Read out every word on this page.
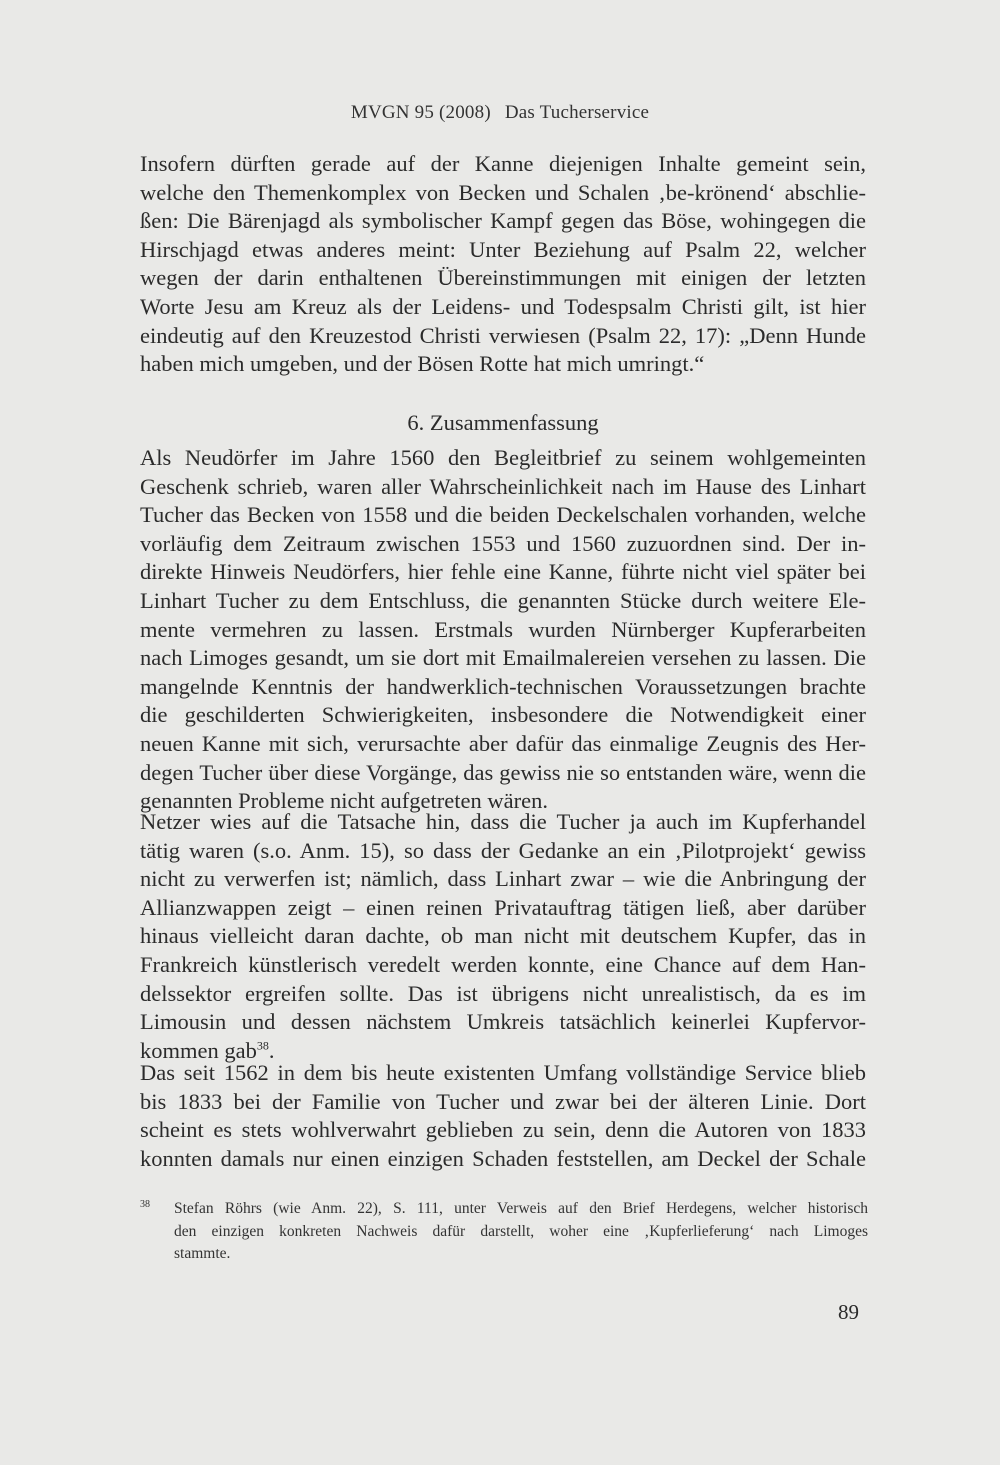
MVGN 95 (2008) Das Tucherservice
Insofern dürften gerade auf der Kanne diejenigen Inhalte gemeint sein,
welche den Themenkomplex von Becken und Schalen ‚be-krönend‘ abschlie-
ßen: Die Bärenjagd als symbolischer Kampf gegen das Böse, wohingegen die
Hirschjagd etwas anderes meint: Unter Beziehung auf Psalm 22, welcher
wegen der darin enthaltenen Übereinstimmungen mit einigen der letzten
Worte Jesu am Kreuz als der Leidens- und Todespsalm Christi gilt, ist hier
eindeutig auf den Kreuzestod Christi verwiesen (Psalm 22, 17): „Denn Hunde
haben mich umgeben, und der Bösen Rotte hat mich umringt.“
6. Zusammenfassung
Als Neudörfer im Jahre 1560 den Begleitbrief zu seinem wohlgemeinten
Geschenk schrieb, waren aller Wahrscheinlichkeit nach im Hause des Linhart
Tucher das Becken von 1558 und die beiden Deckelschalen vorhanden, welche
vorläufig dem Zeitraum zwischen 1553 und 1560 zuzuordnen sind. Der in-
direkte Hinweis Neudörfers, hier fehle eine Kanne, führte nicht viel später bei
Linhart Tucher zu dem Entschluss, die genannten Stücke durch weitere Ele-
mente vermehren zu lassen. Erstmals wurden Nürnberger Kupferarbeiten
nach Limoges gesandt, um sie dort mit Emailmalereien versehen zu lassen. Die
mangelnde Kenntnis der handwerklich-technischen Voraussetzungen brachte
die geschilderten Schwierigkeiten, insbesondere die Notwendigkeit einer
neuen Kanne mit sich, verursachte aber dafür das einmalige Zeugnis des Her-
degen Tucher über diese Vorgänge, das gewiss nie so entstanden wäre, wenn die
genannten Probleme nicht aufgetreten wären.
Netzer wies auf die Tatsache hin, dass die Tucher ja auch im Kupferhandel
tätig waren (s.o. Anm. 15), so dass der Gedanke an ein ‚Pilotprojekt‘ gewiss
nicht zu verwerfen ist; nämlich, dass Linhart zwar – wie die Anbringung der
Allianzwappen zeigt – einen reinen Privatauftrag tätigen ließ, aber darüber
hinaus vielleicht daran dachte, ob man nicht mit deutschem Kupfer, das in
Frankreich künstlerisch veredelt werden konnte, eine Chance auf dem Han-
delssektor ergreifen sollte. Das ist übrigens nicht unrealistisch, da es im
Limousin und dessen nächstem Umkreis tatsächlich keinerlei Kupfervor-
kommen gab$^{38}$.
Das seit 1562 in dem bis heute existenten Umfang vollständige Service blieb
bis 1833 bei der Familie von Tucher und zwar bei der älteren Linie. Dort
scheint es stets wohlverwahrt geblieben zu sein, denn die Autoren von 1833
konnten damals nur einen einzigen Schaden feststellen, am Deckel der Schale
38 Stefan Röhrs (wie Anm. 22), S. 111, unter Verweis auf den Brief Herdegens, welcher historisch
den einzigen konkreten Nachweis dafür darstellt, woher eine ‚Kupferlieferung‘ nach Limoges
stammte.
89
